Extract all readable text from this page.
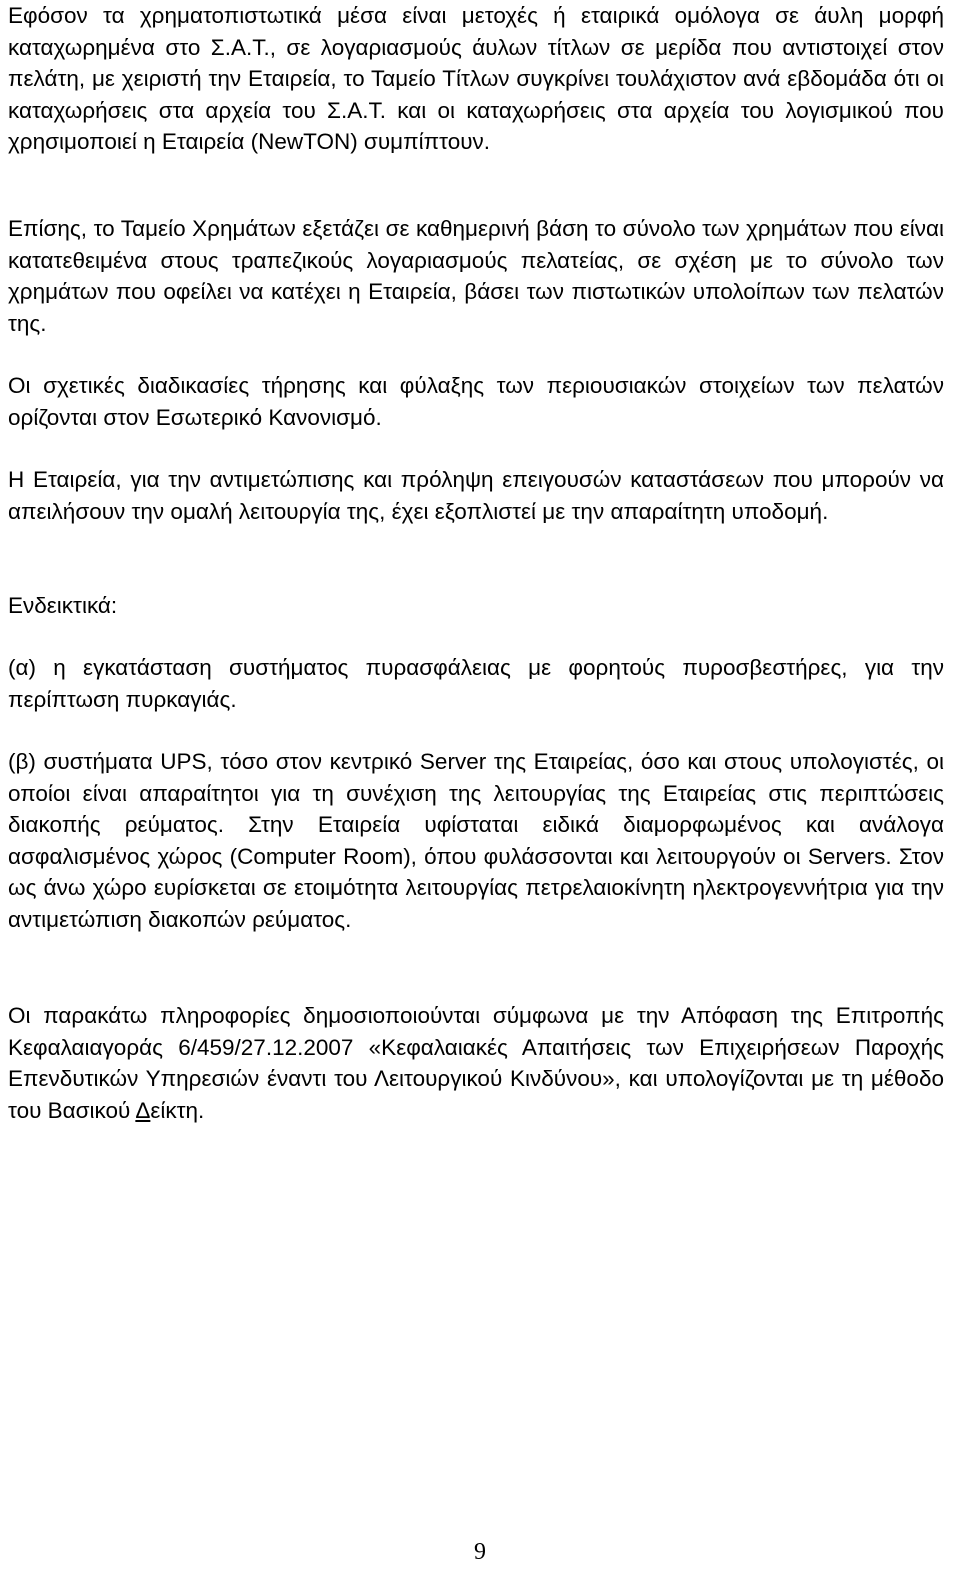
Εφόσον τα χρηματοπιστωτικά μέσα είναι μετοχές ή εταιρικά ομόλογα σε άυλη μορφή καταχωρημένα στο Σ.Α.Τ., σε λογαριασμούς άυλων τίτλων σε μερίδα που αντιστοιχεί στον πελάτη, με χειριστή την Εταιρεία, το Ταμείο Τίτλων συγκρίνει τουλάχιστον ανά εβδομάδα ότι οι καταχωρήσεις στα αρχεία του Σ.Α.Τ. και οι καταχωρήσεις στα αρχεία του λογισμικού που χρησιμοποιεί η Εταιρεία (NewTON) συμπίπτουν.

Επίσης, το Ταμείο Χρημάτων εξετάζει σε καθημερινή βάση το σύνολο των χρημάτων που είναι κατατεθειμένα στους τραπεζικούς λογαριασμούς πελατείας, σε σχέση με το σύνολο των χρημάτων που οφείλει να κατέχει η Εταιρεία, βάσει των πιστωτικών υπολοίπων των πελατών της.

Οι σχετικές διαδικασίες τήρησης και φύλαξης των περιουσιακών στοιχείων των πελατών ορίζονται στον Εσωτερικό Κανονισμό.

Η Εταιρεία, για την αντιμετώπισης και πρόληψη επειγουσών καταστάσεων που μπορούν να απειλήσουν την ομαλή λειτουργία της, έχει εξοπλιστεί με την απαραίτητη υποδομή.

Ενδεικτικά:

(α) η εγκατάσταση συστήματος πυρασφάλειας με φορητούς πυροσβεστήρες, για την περίπτωση πυρκαγιάς.

(β) συστήματα UPS, τόσο στον κεντρικό Server της Εταιρείας, όσο και στους υπολογιστές, οι οποίοι είναι απαραίτητοι για τη συνέχιση της λειτουργίας της Εταιρείας στις περιπτώσεις διακοπής ρεύματος. Στην Εταιρεία υφίσταται ειδικά διαμορφωμένος και ανάλογα ασφαλισμένος χώρος (Computer Room), όπου φυλάσσονται και λειτουργούν οι Servers. Στον ως άνω χώρο ευρίσκεται σε ετοιμότητα λειτουργίας πετρελαιοκίνητη ηλεκτρογεννήτρια για την αντιμετώπιση διακοπών ρεύματος.

Οι παρακάτω πληροφορίες δημοσιοποιούνται σύμφωνα με την Απόφαση της Επιτροπής Κεφαλαιαγοράς 6/459/27.12.2007 «Κεφαλαιακές Απαιτήσεις των Επιχειρήσεων Παροχής Επενδυτικών Υπηρεσιών έναντι του Λειτουργικού Κινδύνου», και υπολογίζονται με τη μέθοδο του Βασικού Δείκτη.

9
